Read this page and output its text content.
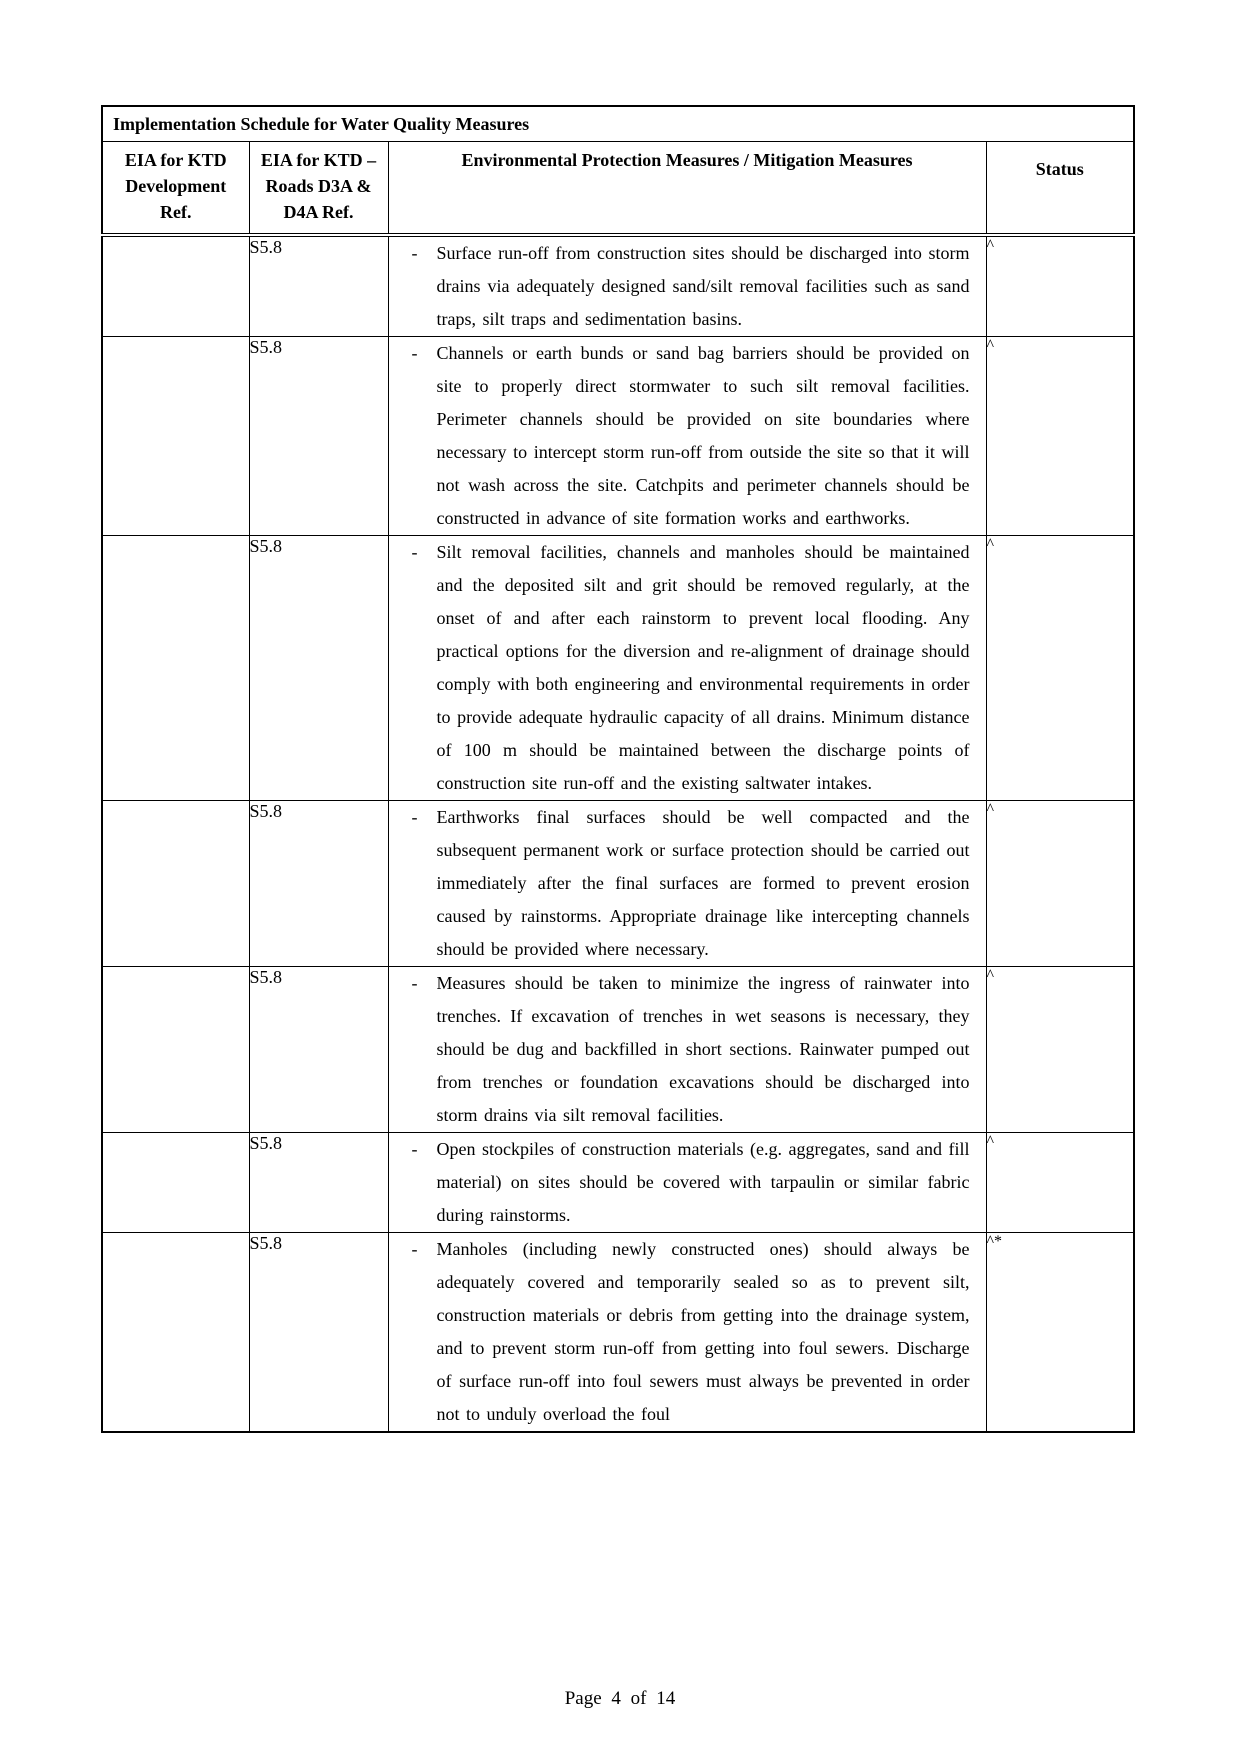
Implementation Schedule for Water Quality Measures			
EIA for KTD Development Ref.	EIA for KTD – Roads D3A & D4A Ref.	Environmental Protection Measures / Mitigation Measures	Status
	S5.8	- Surface run-off from construction sites should be discharged into storm drains via adequately designed sand/silt removal facilities such as sand traps, silt traps and sedimentation basins.	^
	S5.8	- Channels or earth bunds or sand bag barriers should be provided on site to properly direct stormwater to such silt removal facilities. Perimeter channels should be provided on site boundaries where necessary to intercept storm run-off from outside the site so that it will not wash across the site. Catchpits and perimeter channels should be constructed in advance of site formation works and earthworks.	^
	S5.8	- Silt removal facilities, channels and manholes should be maintained and the deposited silt and grit should be removed regularly, at the onset of and after each rainstorm to prevent local flooding. Any practical options for the diversion and re-alignment of drainage should comply with both engineering and environmental requirements in order to provide adequate hydraulic capacity of all drains. Minimum distance of 100 m should be maintained between the discharge points of construction site run-off and the existing saltwater intakes.	^
	S5.8	- Earthworks final surfaces should be well compacted and the subsequent permanent work or surface protection should be carried out immediately after the final surfaces are formed to prevent erosion caused by rainstorms. Appropriate drainage like intercepting channels should be provided where necessary.	^
	S5.8	- Measures should be taken to minimize the ingress of rainwater into trenches. If excavation of trenches in wet seasons is necessary, they should be dug and backfilled in short sections. Rainwater pumped out from trenches or foundation excavations should be discharged into storm drains via silt removal facilities.	^
	S5.8	- Open stockpiles of construction materials (e.g. aggregates, sand and fill material) on sites should be covered with tarpaulin or similar fabric during rainstorms.	^
	S5.8	- Manholes (including newly constructed ones) should always be adequately covered and temporarily sealed so as to prevent silt, construction materials or debris from getting into the drainage system, and to prevent storm run-off from getting into foul sewers. Discharge of surface run-off into foul sewers must always be prevented in order not to unduly overload the foul	^*
Page 4 of 14
